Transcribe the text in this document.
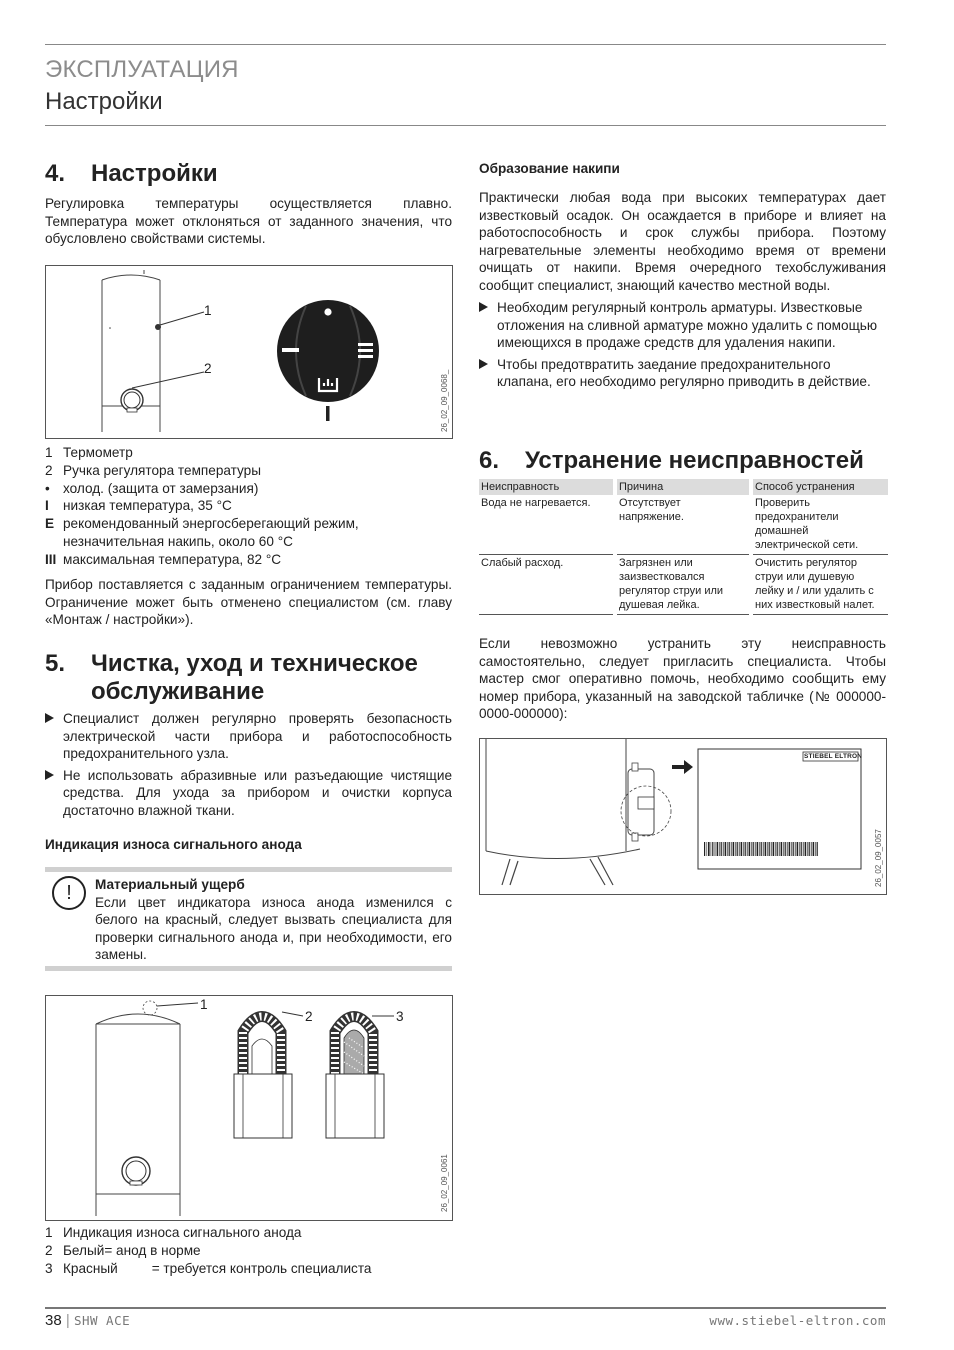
ЭКСПЛУАТАЦИЯ
Настройки
4. Настройки
Регулировка температуры осуществляется плавно. Температура может отклоняться от заданного значения, что обусловлено свойствами системы.
1
2
26_02_09_0068_
1 Термометр
2 Ручка регулятора температуры
• холод. (защита от замерзания)
I	низкая температура, 35 °C
E рекомендованный энергосберегающий режим, незначительная накипь, около 60 °C
III максимальная температура, 82 °C
Прибор поставляется с заданным ограничением температуры. Ограничение может быть отменено специалистом (см. главу «Монтаж / настройки»).
5. Чистка, уход и техническое
обслуживание
Специалист должен регулярно проверять безопасность электрической части прибора и работоспособность предохранительного узла.
Не использовать абразивные или разъедающие чистящие средства. Для ухода за прибором и очистки корпуса достаточно влажной ткани.
Индикация износа сигнального анода
!	Материальный ущерб
Если цвет индикатора износа анода изменился с белого на красный, следует вызвать специалиста для проверки сигнального анода и, при необходимости, его замены.
1
2	3
26_02_09_0061
1 Индикация износа сигнального анода
2 Белый= анод в норме
3 Красный         = требуется контроль специалиста
Образование накипи
Практически любая вода при высоких температурах дает известковый осадок. Он осаждается в приборе и влияет на работоспособность и срок службы прибора. Поэтому нагревательные элементы необходимо время от времени очищать от накипи. Время очередного техобслуживания сообщит специалист, знающий качество местной воды.
Необходим регулярный контроль арматуры. Известковые отложения на сливной арматуре можно удалить с помощью имеющихся в продаже средств для удаления накипи.
Чтобы предотвратить заедание предохранительного клапана, его необходимо регулярно приводить в действие.
6. Устранение неисправностей
Неисправность	Причина	Способ устранения
Вода не нагревается.	Отсутствует напряжение.	Проверить предохранители домашней электрической сети.
Слабый расход.	Загрязнен или заизвестковался регулятор струи или душевая лейка.	Очистить регулятор струи или душевую лейку и / или удалить с них известковый налет.
Если невозможно устранить эту неисправность самостоятельно, следует пригласить специалиста. Чтобы мастер смог оперативно помочь, необходимо сообщить ему номер прибора, указанный на заводской табличке (№ 000000-0000-000000):
STIEBEL ELTRON
26_02_09_0057
38 | SHW ACE	www.stiebel-eltron.com
